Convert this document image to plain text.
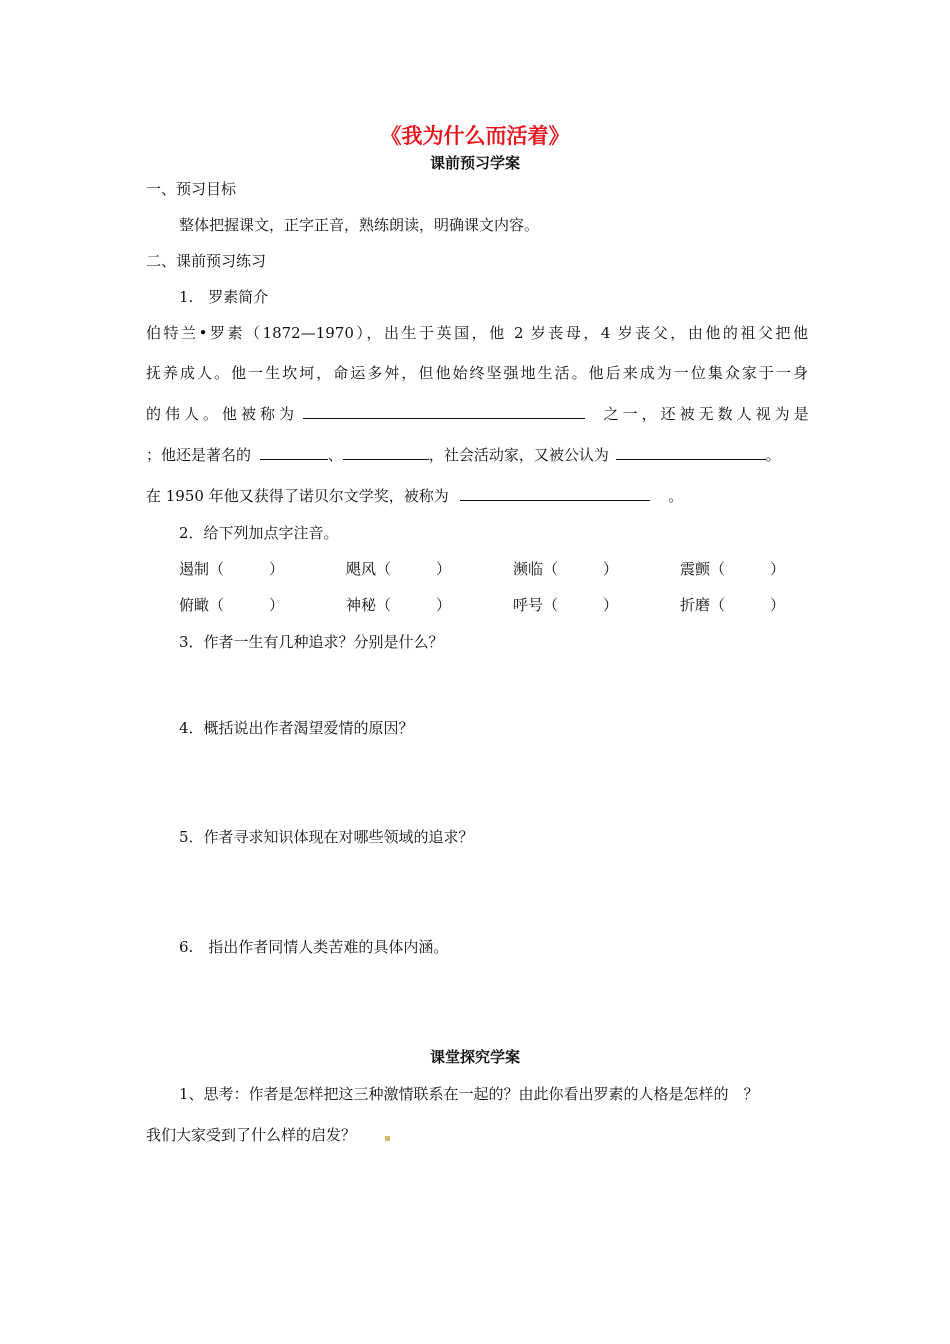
《我为什么而活着》
课前预习学案
一、预习目标
整体把握课文，正字正音，熟练朗读，明确课文内容。
二、课前预习练习
1.　罗素简介
伯特兰•罗素（1872—1970），出生于英国，他 2 岁丧母，4 岁丧父，由他的祖父把他
抚养成人。他一生坎坷，命运多舛，但他始终坚强地生活。他后来成为一位集众家于一身
的伟人。他被称为	之一，还被无数人视为是
；他还是著名的	、	，社会活动家，又被公认为	。
在 1950 年他又获得了诺贝尔文学奖，被称为	。
2．给下列加点字注音。
遏制（　　　）	飓风（　　　）	濒临（　　　）	震颤（　　　）
俯瞰（　　　）	神秘（　　　）	呼号（　　　）	折磨（　　　）
3．作者一生有几种追求？分别是什么？
4．概括说出作者渴望爱情的原因？
5．作者寻求知识体现在对哪些领域的追求？
6.　指出作者同情人类苦难的具体内涵。
课堂探究学案
1、思考：作者是怎样把这三种激情联系在一起的？由此你看出罗素的人格是怎样的　？
我们大家受到了什么样的启发？
